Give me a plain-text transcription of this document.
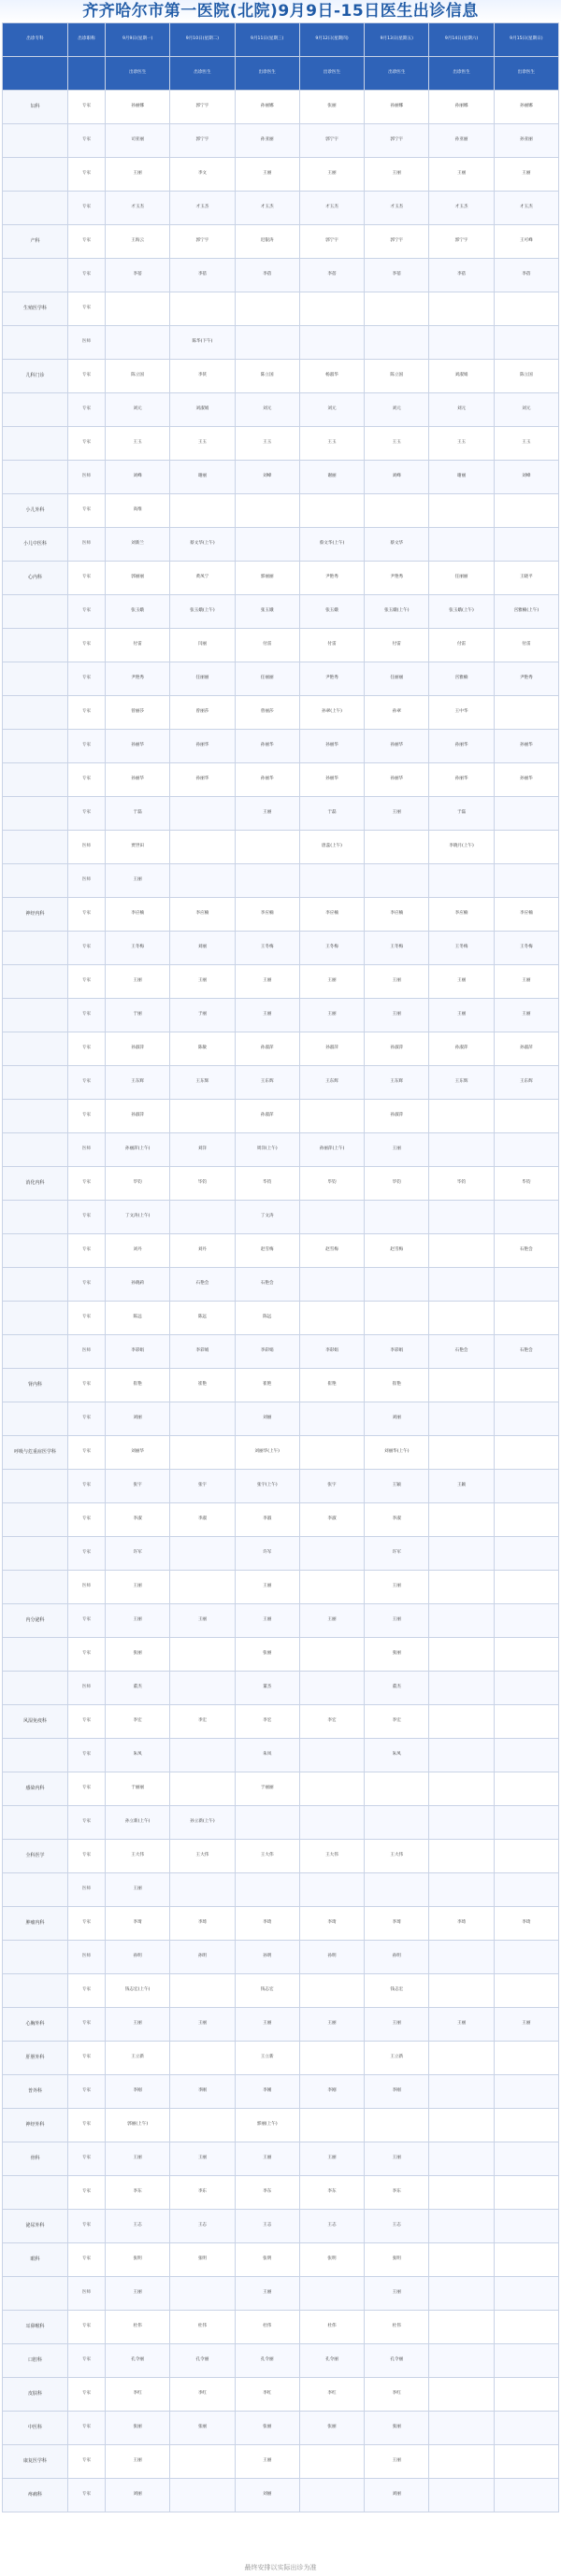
齐齐哈尔市第一医院(北院)9月9日-15日医生出诊信息
出诊专科	出诊职称	9月9日(星期一)	9月10日(星期二)	9月11日(星期三)	9月12日(星期四)	9月13日(星期五)	9月14日(星期六)	9月15日(星期日)
		出诊医生	出诊医生	出诊医生	出诊医生	出诊医生	出诊医生	出诊医生
妇科	专家	孙丽娜	郭宁宇	孙丽娜	张丽	孙丽娜	孙丽娜	孙丽娜
	专家	司亚丽	郭宁宇	孙亚丽	郭宁宇	郭宁宇	孙亚丽	孙亚丽
	专家	王丽	李文	王丽	王丽	王丽	王丽	王丽
	专家	才玉杰	才玉杰	才玉杰	才玉杰	才玉杰	才玉杰	才玉杰
产科	专家	王海云	郭宁宇	迟银涛	郭宁宇	郭宁宇	郭宁宇	王可峰
	专家	李蓓	李蓓	李蓓	李蓓	李蓓	李蓓	李蓓
生殖医学科	专家							
	医师		陈华(下午)					
儿科门诊	专家	陈立国	李侠	陈立国	杨淑华	陈立国	刘淑娟	陈立国
	专家	刘元	刘淑娟	刘元	刘元	刘元	刘元	刘元
	专家	王玉	王玉	王玉	王玉	王玉	王玉	王玉
	医师	刘峰	谢丽	刘峰	谢丽	刘峰	谢丽	刘峰
小儿外科	专家	高维						
小儿中医科	医师	刘新兰	蔡文华(上午)		蔡文华(上午)	蔡文华		
心内科	专家	郭丽丽	黄凤宁	郭丽丽	尹艳秀	尹艳秀	任丽丽	王晓平
	专家	张玉娥	张玉娥(上午)	张玉娥	张玉娥	张玉娥(上午)	张玉娥(上午)	宫雅楠(上午)
	专家	付雷	闫丽	付雷	付雷	付雷	付雷	付雷
	专家	尹艳秀	任丽丽	任丽丽	尹艳秀	任丽丽	宫雅楠	尹艳秀
	专家	曾丽莎	曾丽莎	曾丽莎	孙翠(上午)	孙翠	王中华	
	专家	孙丽华	孙丽华	孙丽华	孙丽华	孙丽华	孙丽华	孙丽华
	专家	孙丽华	孙丽华	孙丽华	孙丽华	孙丽华	孙丽华	孙丽华
	专家	于磊		王丽	于磊	王丽	于磊	
	医师	贾世田			唐蕊(上午)		李晓月(上午)	
	医师	王丽						
神经内科	专家	李应楠	李应楠	李应楠	李应楠	李应楠	李应楠	李应楠
	专家	王冬梅	刘丽	王冬梅	王冬梅	王冬梅	王冬梅	王冬梅
	专家	王丽	王丽	王丽	王丽	王丽	王丽	王丽
	专家	于丽	于丽	王丽	王丽	王丽	王丽	王丽
	专家	孙淑萍	陈敏	孙淑萍	孙淑萍	孙淑萍	孙淑萍	孙淑萍
	专家	王东辉	王东辉	王东辉	王东辉	王东辉	王东辉	王东辉
	专家	孙淑萍		孙淑萍		孙淑萍		
	医师	孙丽萍(上午)	刘洋	周洋(上午)	孙丽萍(上午)	王丽		
消化内科	专家	毕钧	毕钧	毕钧	毕钧	毕钧	毕钧	毕钧
	专家	丁文涛(上午)		丁文涛				
	专家	刘丹	刘丹	赵雪梅	赵雪梅	赵雪梅		石艳会
	专家	孙晓莉	石艳会	石艳会				
	专家	陈远	陈远	陈远				
	医师	李彩娟	李彩娟	李彩娟	李彩娟	李彩娟	石艳会	石艳会
肾内科	专家	崔艳	崔艳	崔艳	崔艳	崔艳		
	专家	刘丽		刘丽		刘丽		
呼吸与危重症医学科	专家	刘丽华		刘丽华(上午)		刘丽华(上午)		
	专家	张宇	张宇	张宇(上午)	张宇	王颖	王颖	
	专家	李淑	李淑	李淑	李淑	李淑		
	专家	许军		许军		许军		
	医师	王丽		王丽		王丽		
内分泌科	专家	王丽	王丽	王丽	王丽	王丽		
	专家	张丽		张丽		张丽		
	医师	董杰		董杰		董杰		
风湿免疫科	专家	李宏	李宏	李宏	李宏	李宏		
	专家	朱凤		朱凤		朱凤		
感染内科	专家	于丽丽		于丽丽				
	专家	孙立新(上午)	孙立新(上午)					
全科医学	专家	王大伟	王大伟	王大伟	王大伟	王大伟		
	医师	王丽						
肿瘤内科	专家	李琦	李琦	李琦	李琦	李琦	李琦	李琦
	医师	孙明	孙明	孙明	孙明	孙明		
	专家	钱志宏(上午)		钱志宏		钱志宏		
心胸外科	专家	王丽	王丽	王丽	王丽	王丽	王丽	王丽
肝胆外科	专家	王立新		王立新		王立新		
普外科	专家	李刚	李刚	李刚	李刚	李刚		
神经外科	专家	郭丽(上午)		郭丽(上午)				
骨科	专家	王丽	王丽	王丽	王丽	王丽		
	专家	李东	李东	李东	李东	李东		
泌尿外科	专家	王志	王志	王志	王志	王志		
眼科	专家	张明	张明	张明	张明	张明		
	医师	王丽		王丽		王丽		
耳鼻喉科	专家	杜伟	杜伟	杜伟	杜伟	杜伟		
口腔科	专家	孔令丽	孔令丽	孔令丽	孔令丽	孔令丽		
皮肤科	专家	李红	李红	李红	李红	李红		
中医科	专家	张丽	张丽	张丽	张丽	张丽		
康复医学科	专家	王丽		王丽		王丽		
疼痛科	专家	刘丽		刘丽		刘丽		
最终安排以实际出诊为准
